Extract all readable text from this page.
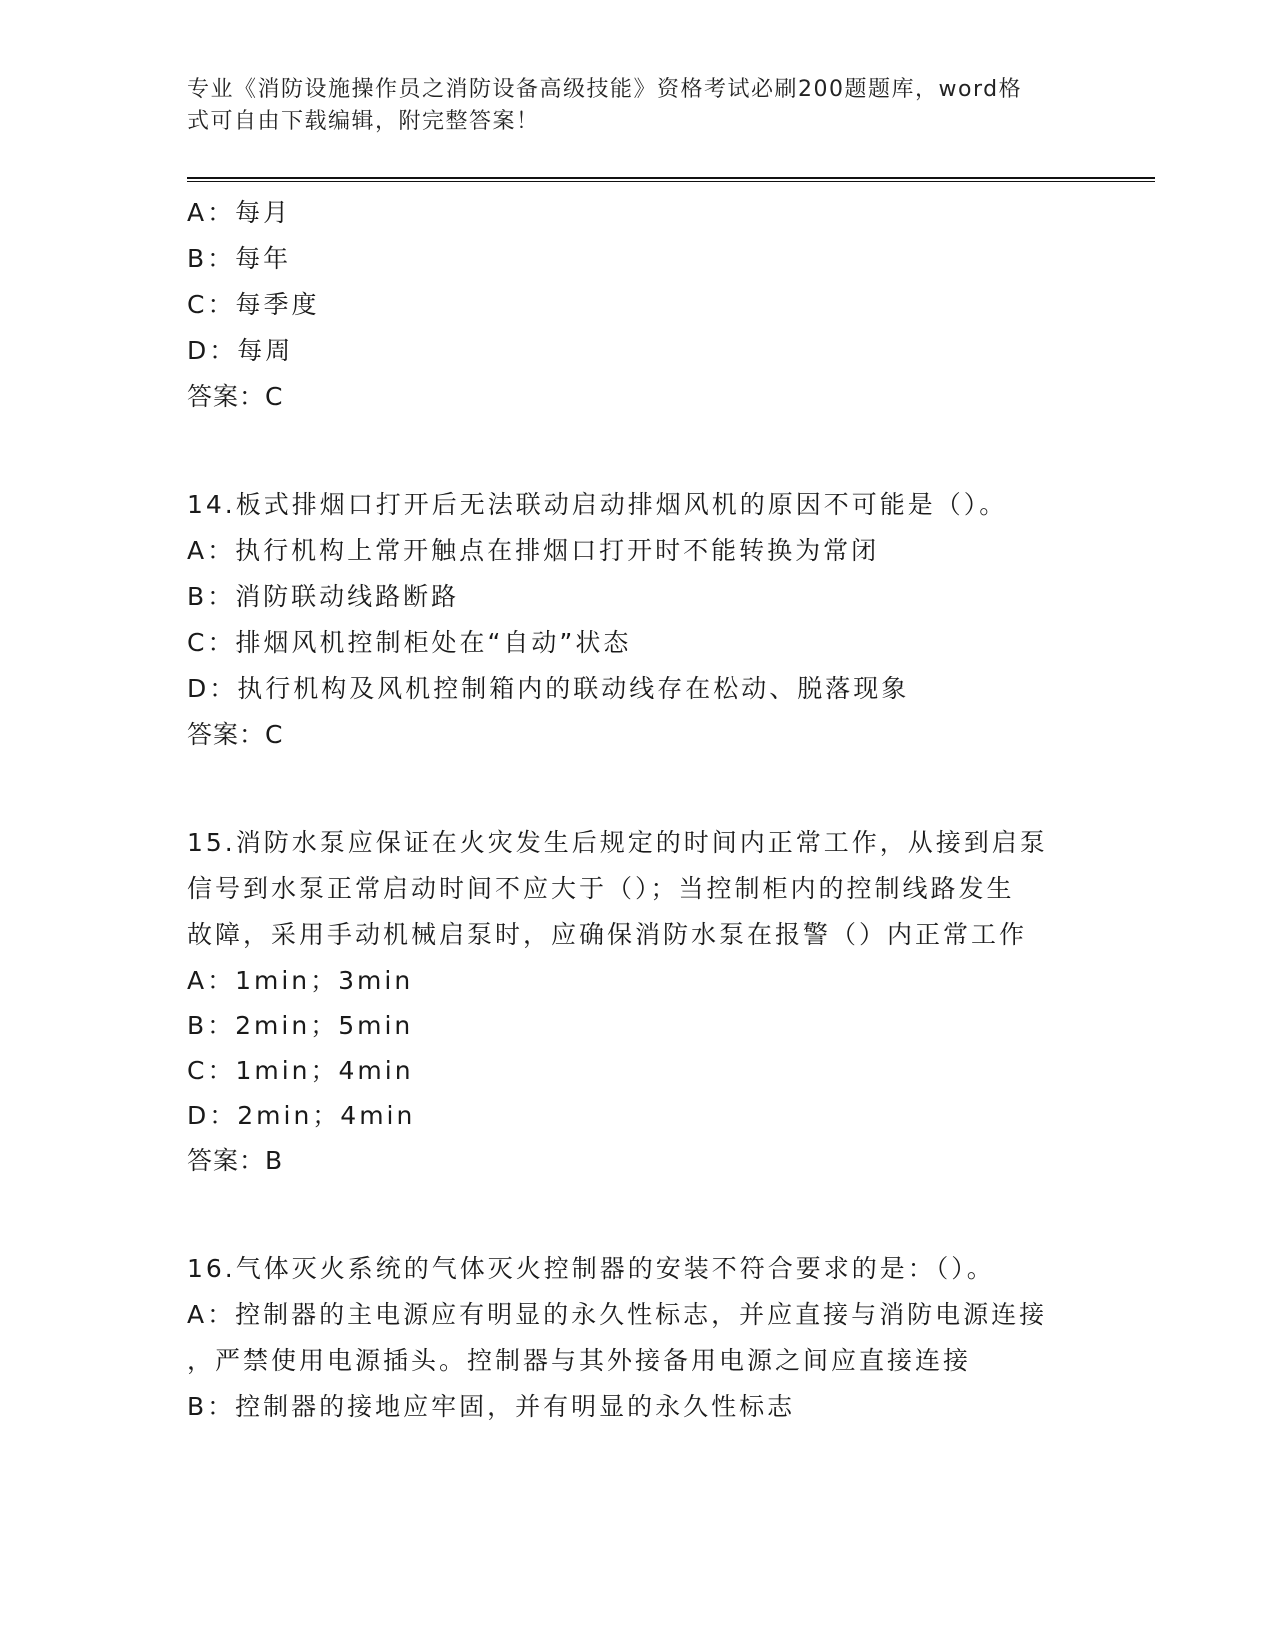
专业《消防设施操作员之消防设备高级技能》资格考试必刷200题题库，word格
式可自由下载编辑，附完整答案！
A：每月
B：每年
C：每季度
D：每周
答案：C
14.板式排烟口打开后无法联动启动排烟风机的原因不可能是（）。
A：执行机构上常开触点在排烟口打开时不能转换为常闭
B：消防联动线路断路
C：排烟风机控制柜处在“自动”状态
D：执行机构及风机控制箱内的联动线存在松动、脱落现象
答案：C
15.消防水泵应保证在火灾发生后规定的时间内正常工作，从接到启泵
信号到水泵正常启动时间不应大于（）；当控制柜内的控制线路发生
故障，采用手动机械启泵时，应确保消防水泵在报警（）内正常工作
A：1min；3min
B：2min；5min
C：1min；4min
D：2min；4min
答案：B
16.气体灭火系统的气体灭火控制器的安装不符合要求的是：（）。
A：控制器的主电源应有明显的永久性标志，并应直接与消防电源连接
，严禁使用电源插头。控制器与其外接备用电源之间应直接连接
B：控制器的接地应牢固，并有明显的永久性标志
